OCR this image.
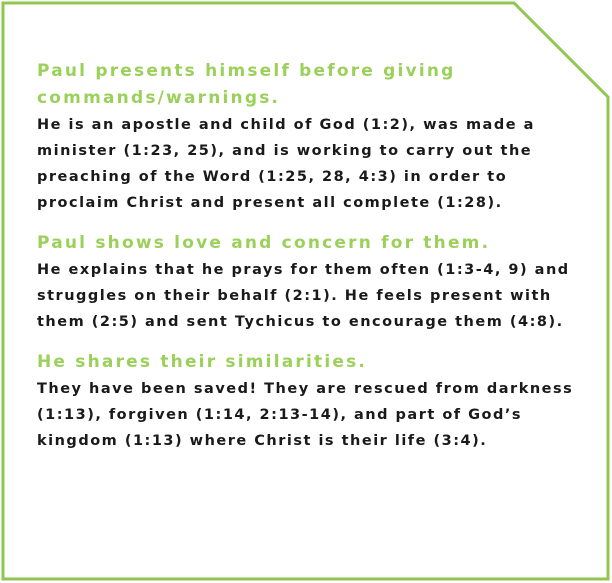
Paul presents himself before giving commands/warnings.

He is an apostle and child of God (1:2), was made a minister (1:23, 25), and is working to carry out the preaching of the Word (1:25, 28, 4:3) in order to proclaim Christ and present all complete (1:28).

Paul shows love and concern for them.

He explains that he prays for them often (1:3-4, 9) and struggles on their behalf (2:1). He feels present with them (2:5) and sent Tychicus to encourage them (4:8).

He shares their similarities.

They have been saved! They are rescued from darkness (1:13), forgiven (1:14, 2:13-14), and part of God’s kingdom (1:13) where Christ is their life (3:4).
